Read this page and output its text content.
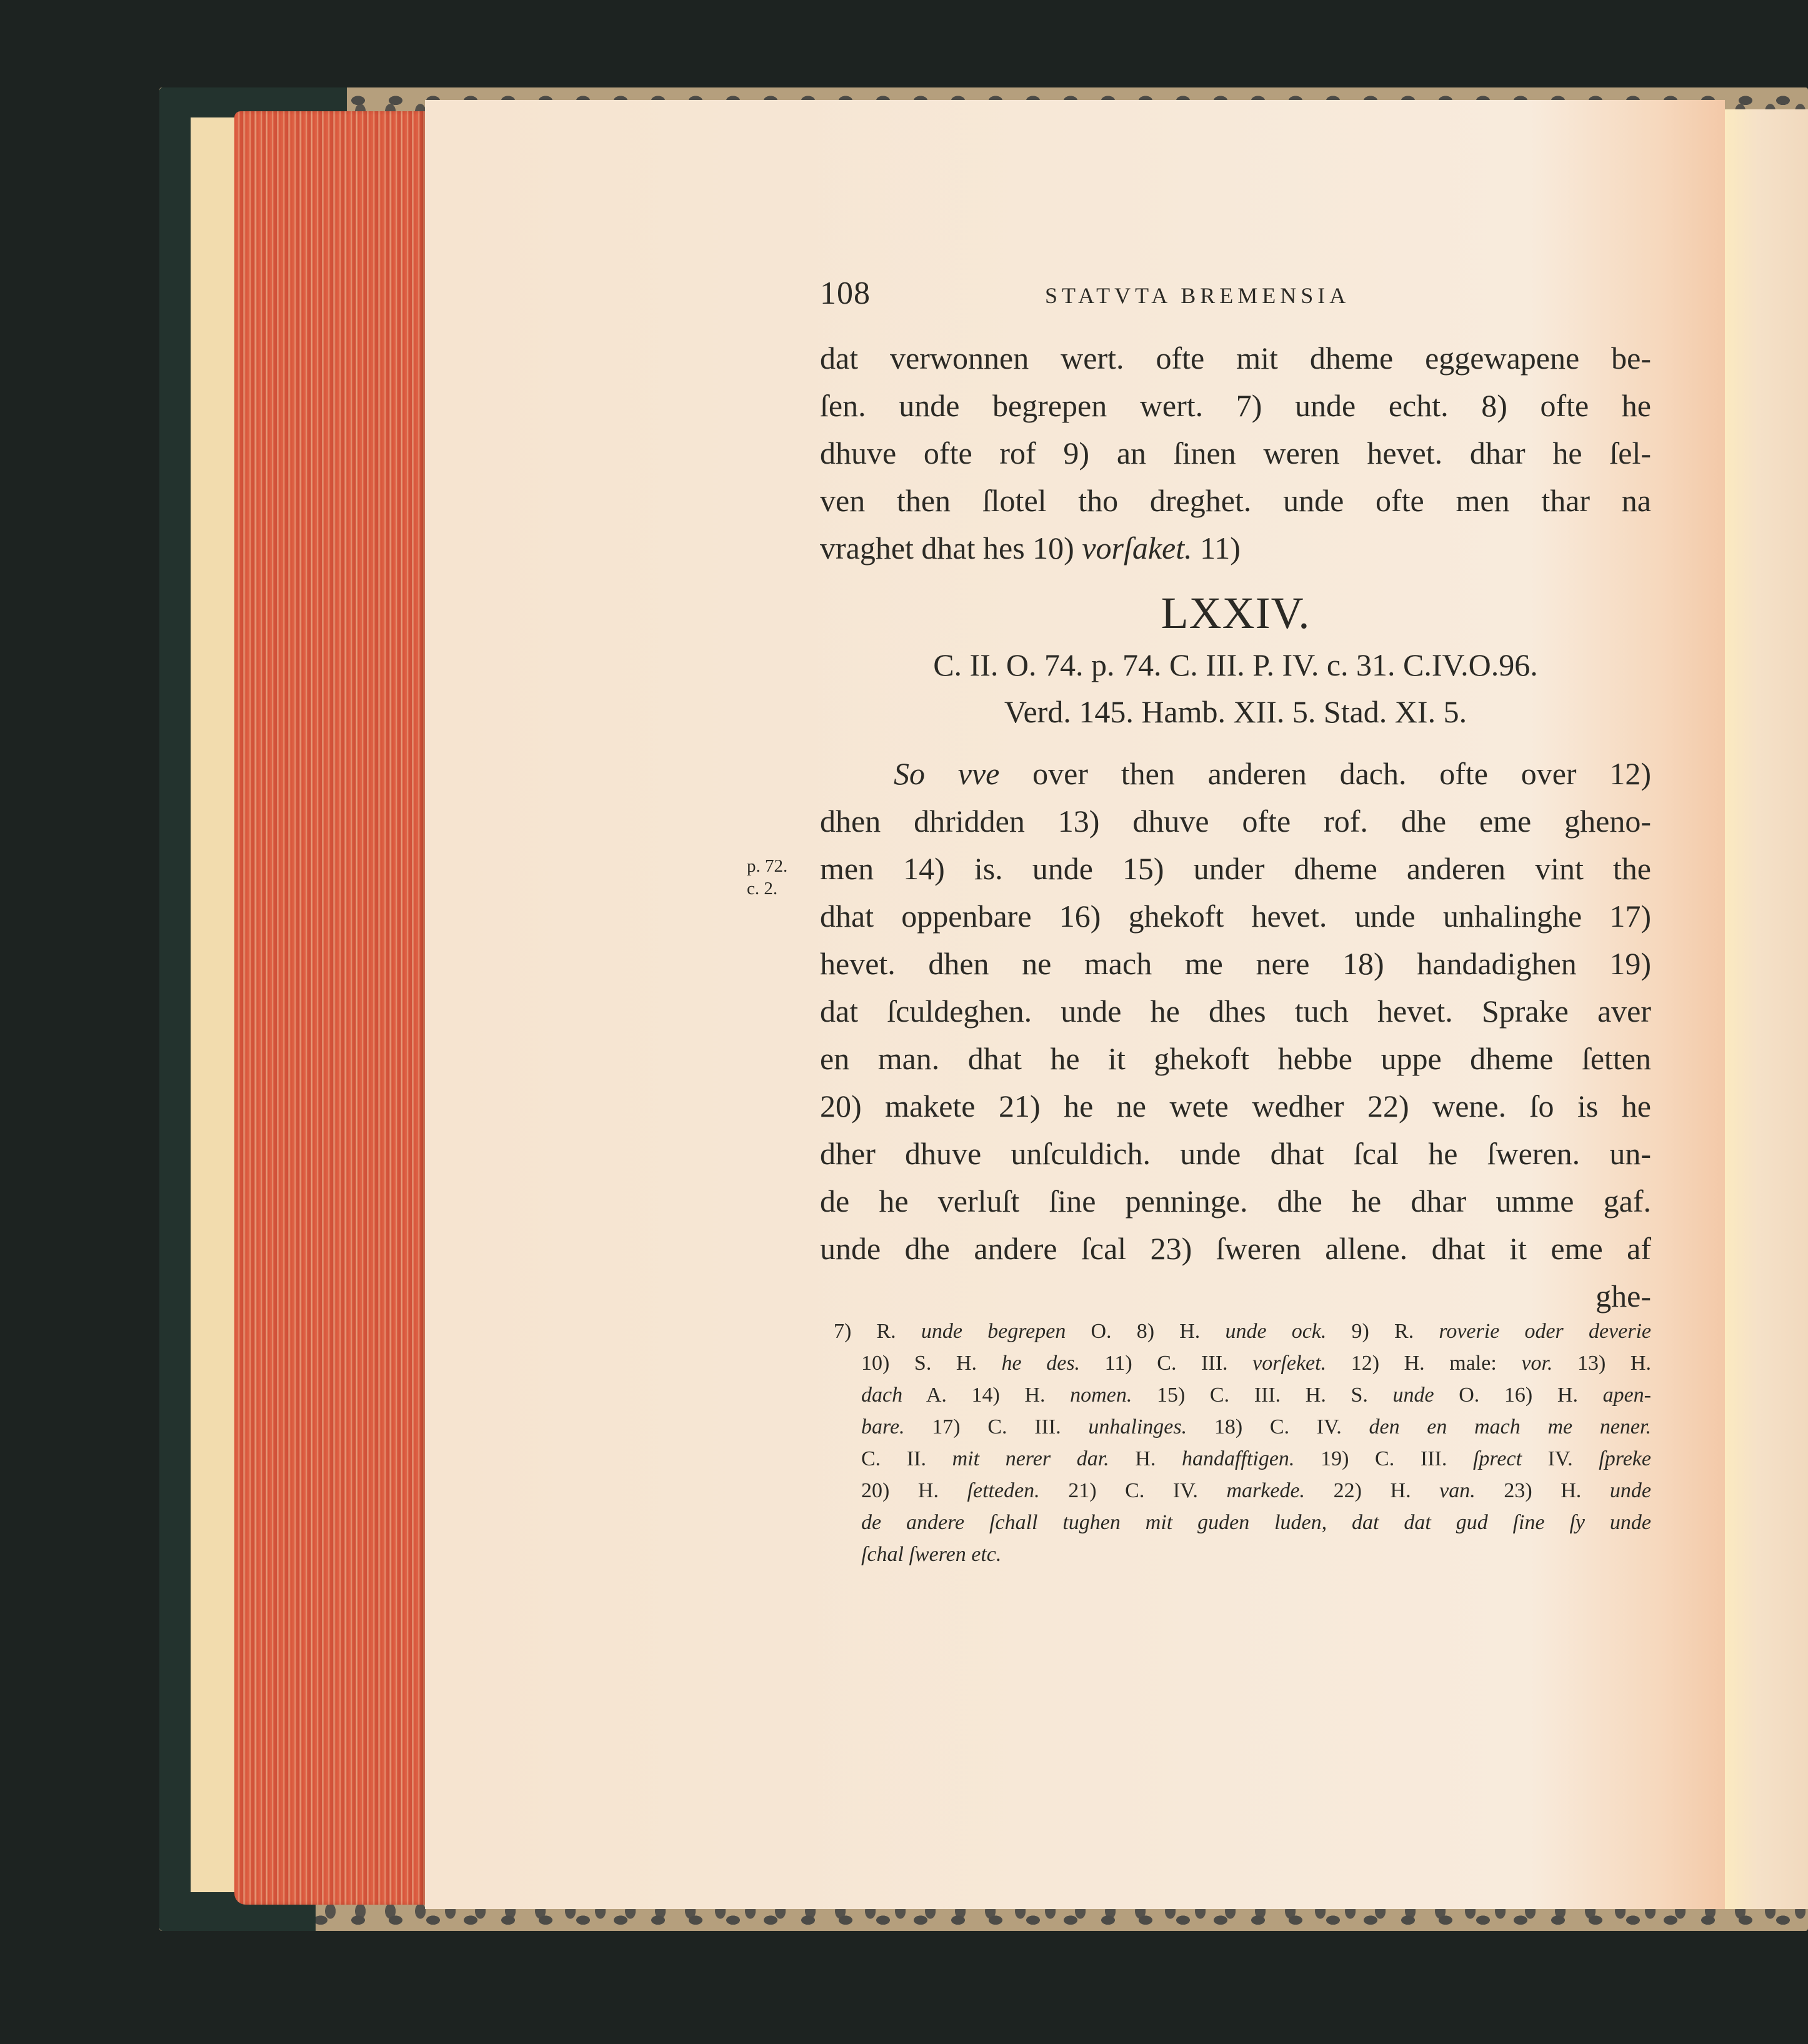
108	STATVTA BREMENSIA
dat verwonnen wert. ofte mit dheme eggewapene be-
ſen. unde begrepen wert. 7) unde echt. 8) ofte he
dhuve ofte rof 9) an ſinen weren hevet. dhar he ſel-
ven then ſlotel tho dreghet. unde ofte men thar na
vraghet dhat hes 10) vorſaket. 11)
LXXIV.
C. II. O. 74. p. 74. C. III. P. IV. c. 31. C.IV.O.96.
Verd. 145. Hamb. XII. 5. Stad. XI. 5.
p. 72.
c. 2.
So vve over then anderen dach. ofte over 12)
dhen dhridden 13) dhuve ofte rof. dhe eme gheno-
men 14) is. unde 15) under dheme anderen vint the
dhat oppenbare 16) ghekoft hevet. unde unhalinghe 17)
hevet. dhen ne mach me nere 18) handadighen 19)
dat ſculdeghen. unde he dhes tuch hevet. Sprake aver
en man. dhat he it ghekoft hebbe uppe dheme ſetten
20) makete 21) he ne wete wedher 22) wene. ſo is he
dher dhuve unſculdich. unde dhat ſcal he ſweren. un-
de he verluſt ſine penninge. dhe he dhar umme gaf.
unde dhe andere ſcal 23) ſweren allene. dhat it eme af
ghe-
7) R. unde begrepen O. 8) H. unde ock. 9) R. roverie oder deverie
10) S. H. he des. 11) C. III. vorſeket. 12) H. male: vor. 13) H.
dach A. 14) H. nomen. 15) C. III. H. S. unde O. 16) H. apen-
bare. 17) C. III. unhalinges. 18) C. IV. den en mach me nener.
C. II. mit nerer dar. H. handafftigen. 19) C. III. ſprect IV. ſpreke
20) H. ſetteden. 21) C. IV. markede. 22) H. van. 23) H. unde
de andere ſchall tughen mit guden luden, dat dat gud ſine ſy unde
ſchal ſweren etc.
